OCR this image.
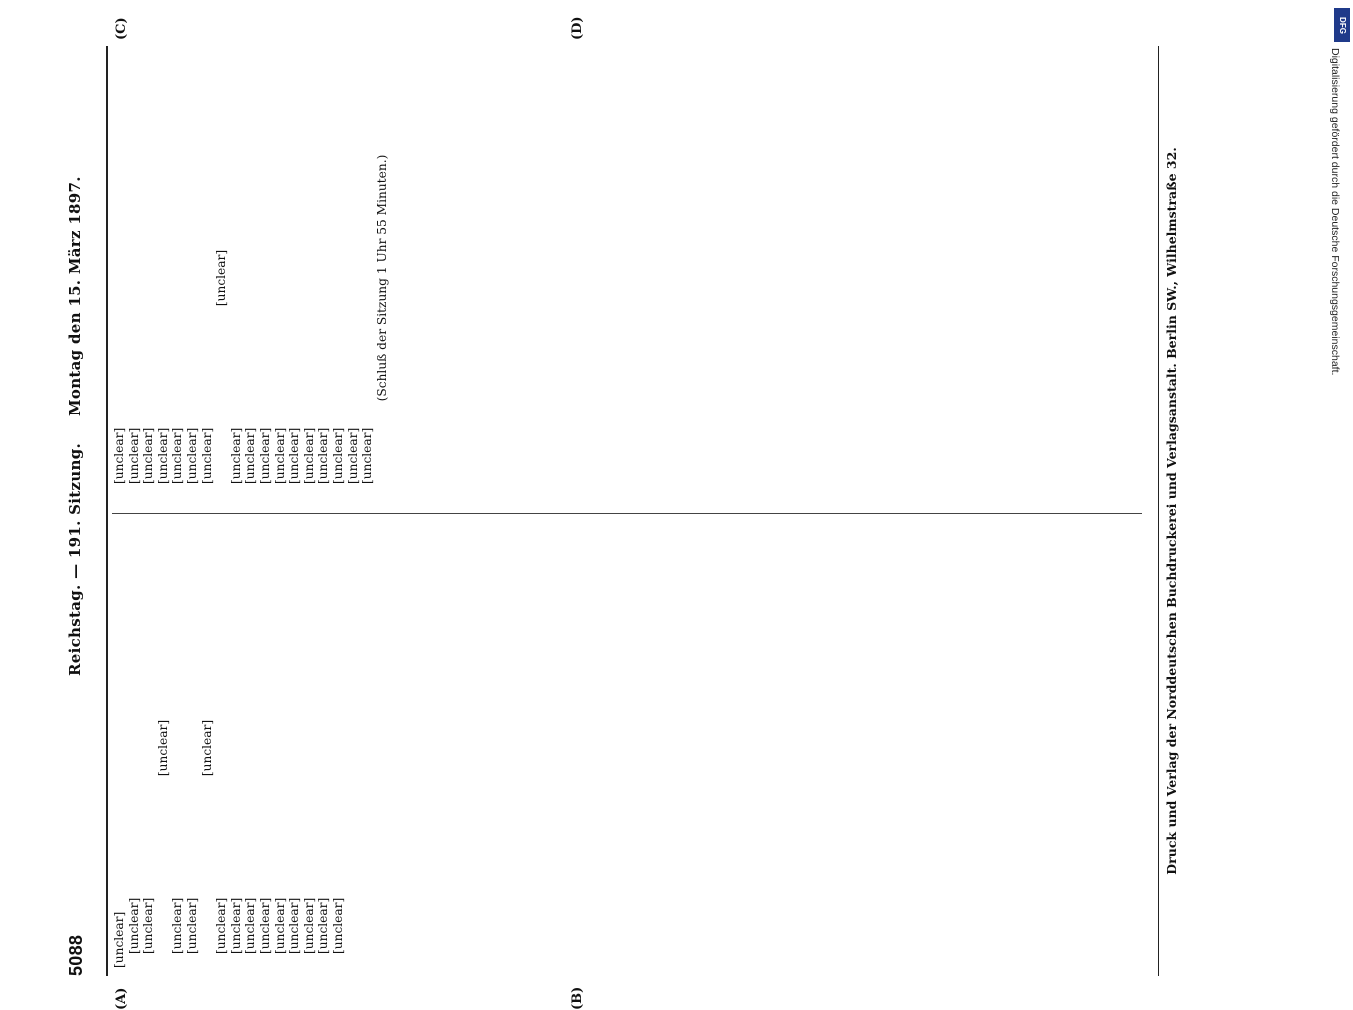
5088
Reichstag. — 191. Sitzung.
Montag den 15. März 1897.
(A)	(B)
(C)	(D)

[unclear] [unclear] [unclear]

[unclear]

[unclear] [unclear]

[unclear]

[unclear] [unclear] [unclear] [unclear] [unclear] [unclear] [unclear] [unclear] [unclear]

[unclear] [unclear] [unclear] [unclear] [unclear] [unclear] [unclear]

[unclear]

[unclear] [unclear] [unclear] [unclear] [unclear] [unclear] [unclear] [unclear] [unclear] [unclear]

(Schluß der Sitzung 1 Uhr 55 Minuten.)	Druck und Verlag der Norddeutschen Buchdruckerei und Verlagsanstalt. Berlin SW., Wilhelmstraße 32.
DFG
Digitalisierung gefördert durch die Deutsche Forschungsgemeinschaft.
